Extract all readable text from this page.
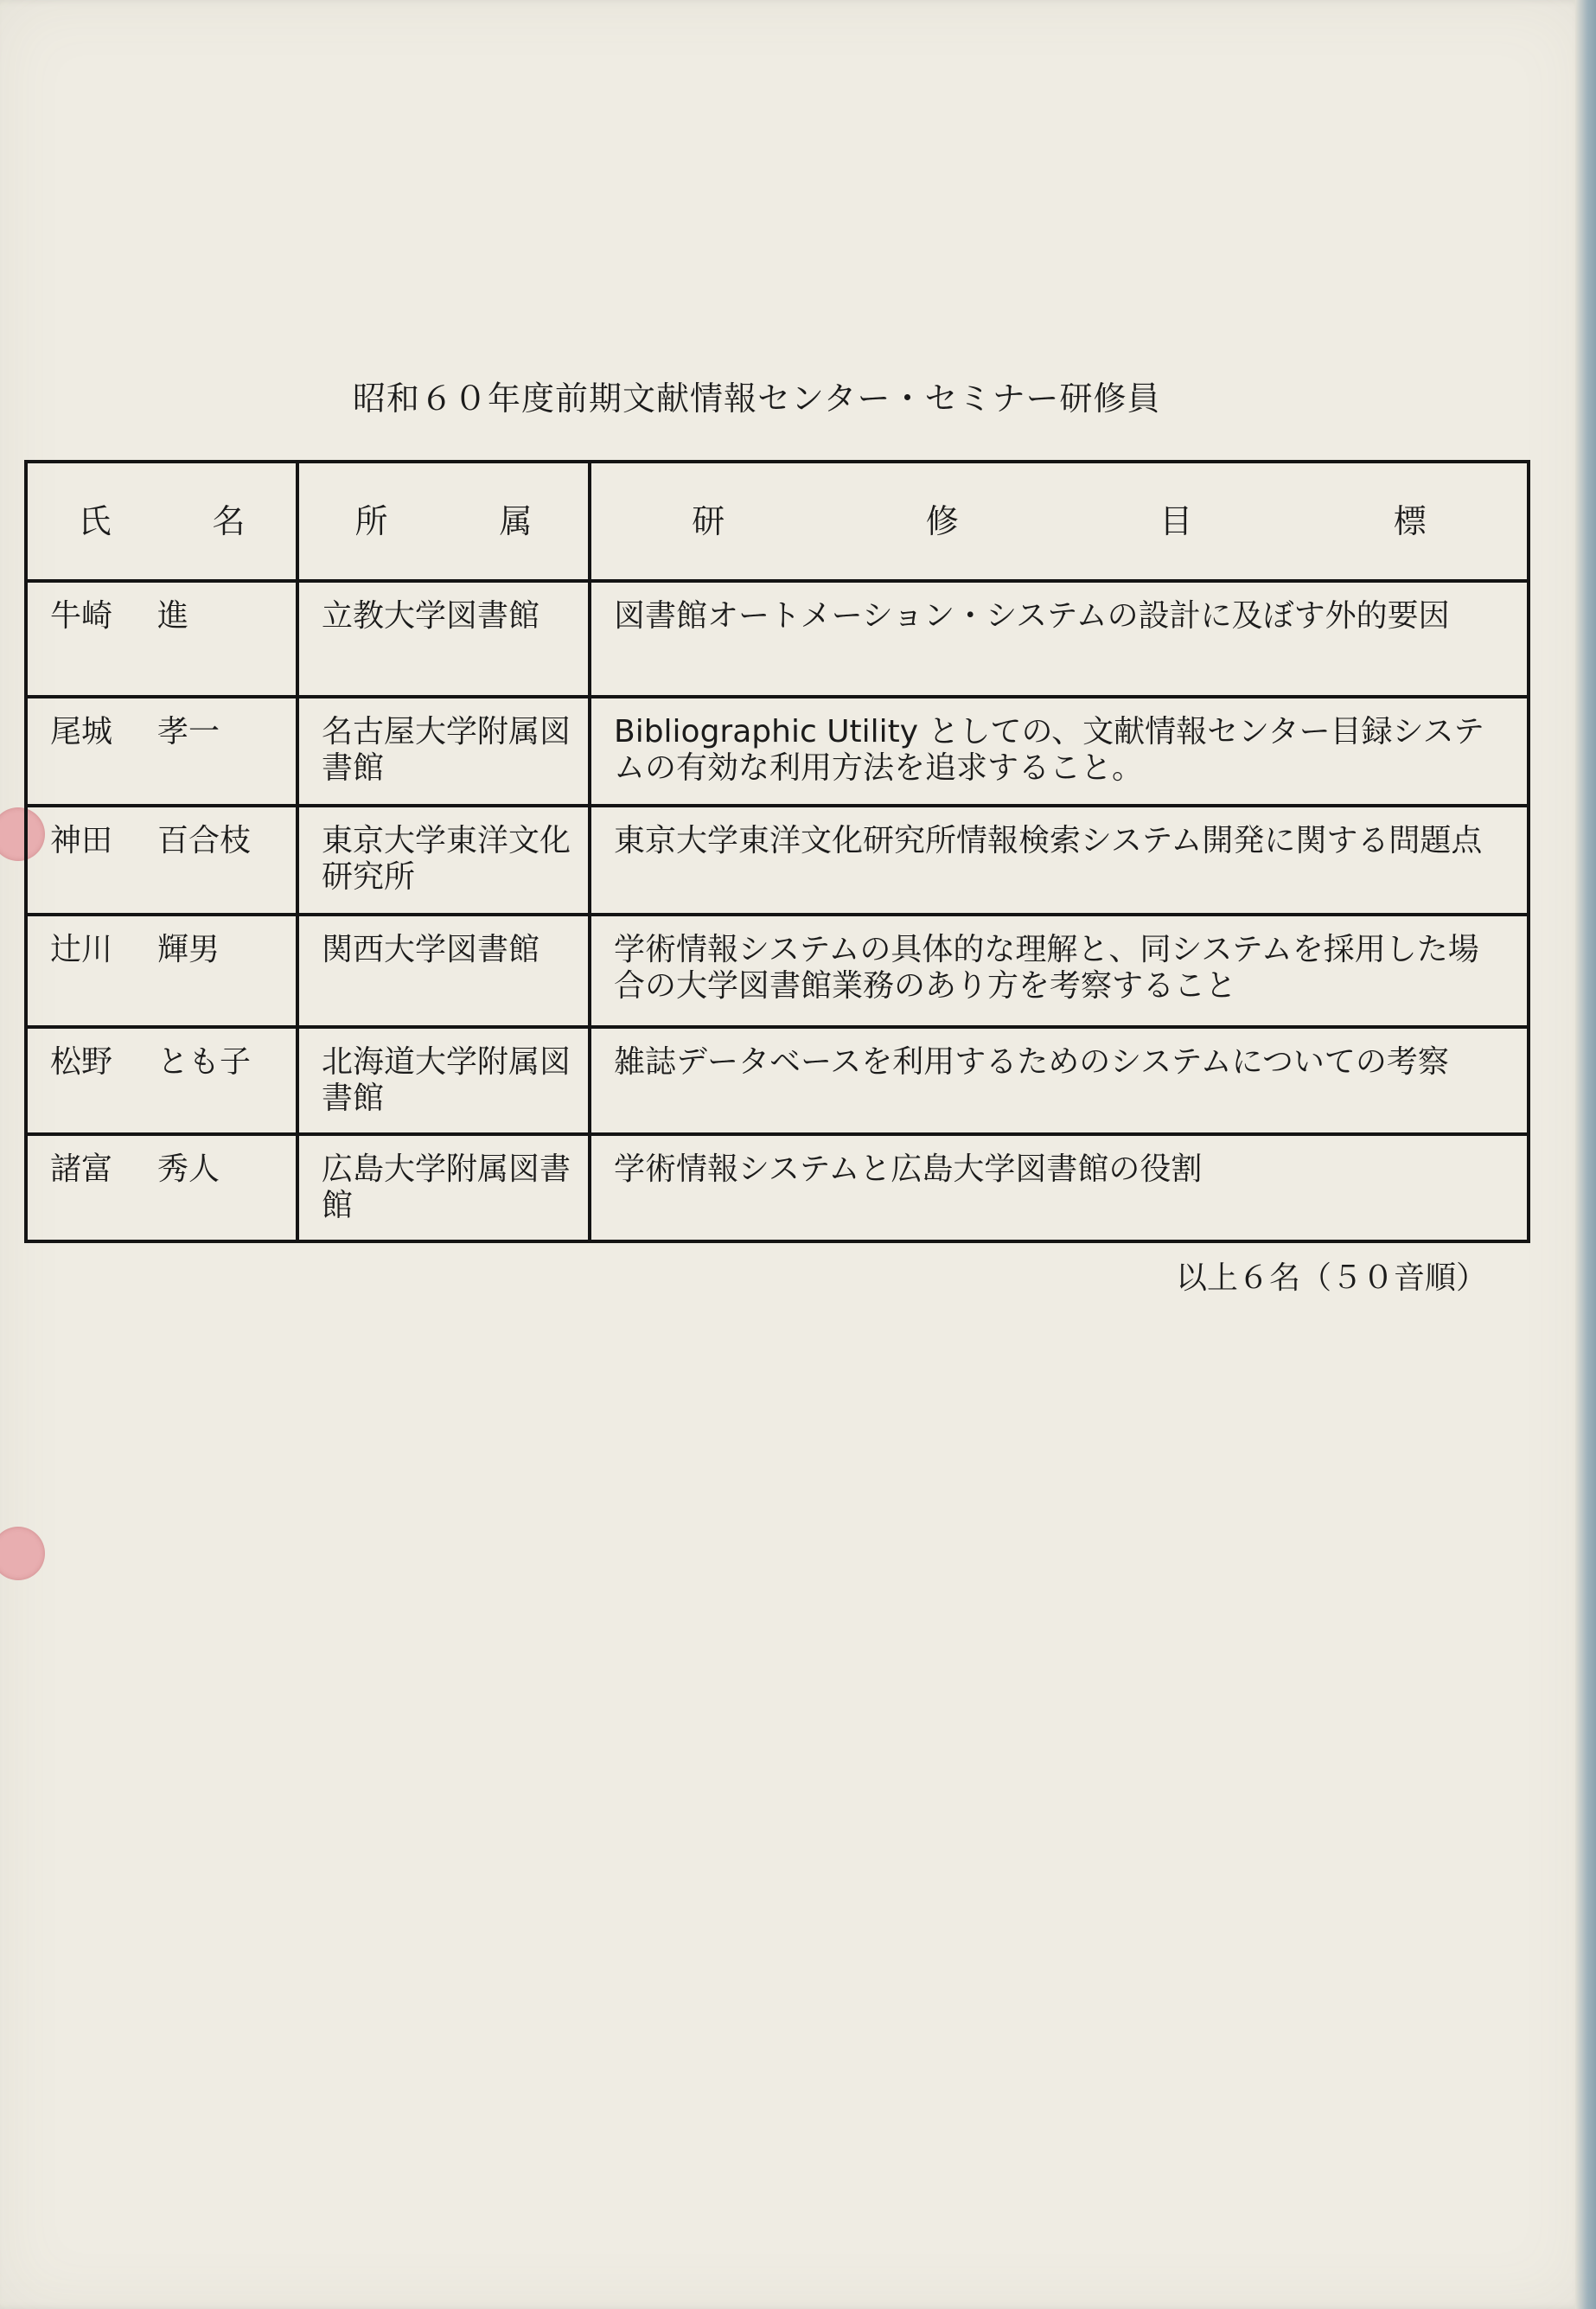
昭和６０年度前期文献情報センター・セミナー研修員
氏 名	所 属	研 修 目 標

牛崎 進	立教大学図書館	図書館オートメーション・システムの設計に及ぼす外的要因

尾城 孝一	名古屋大学附属図書館	Bibliographic Utility としての、文献情報センター目録システムの有効な利用方法を追求すること。

神田 百合枝	東京大学東洋文化研究所	東京大学東洋文化研究所情報検索システム開発に関する問題点

辻川 輝男	関西大学図書館	学術情報システムの具体的な理解と、同システムを採用した場合の大学図書館業務のあり方を考察すること

松野 とも子	北海道大学附属図書館	雑誌データベースを利用するためのシステムについての考察

諸富 秀人	広島大学附属図書館	学術情報システムと広島大学図書館の役割
以上６名（５０音順）
